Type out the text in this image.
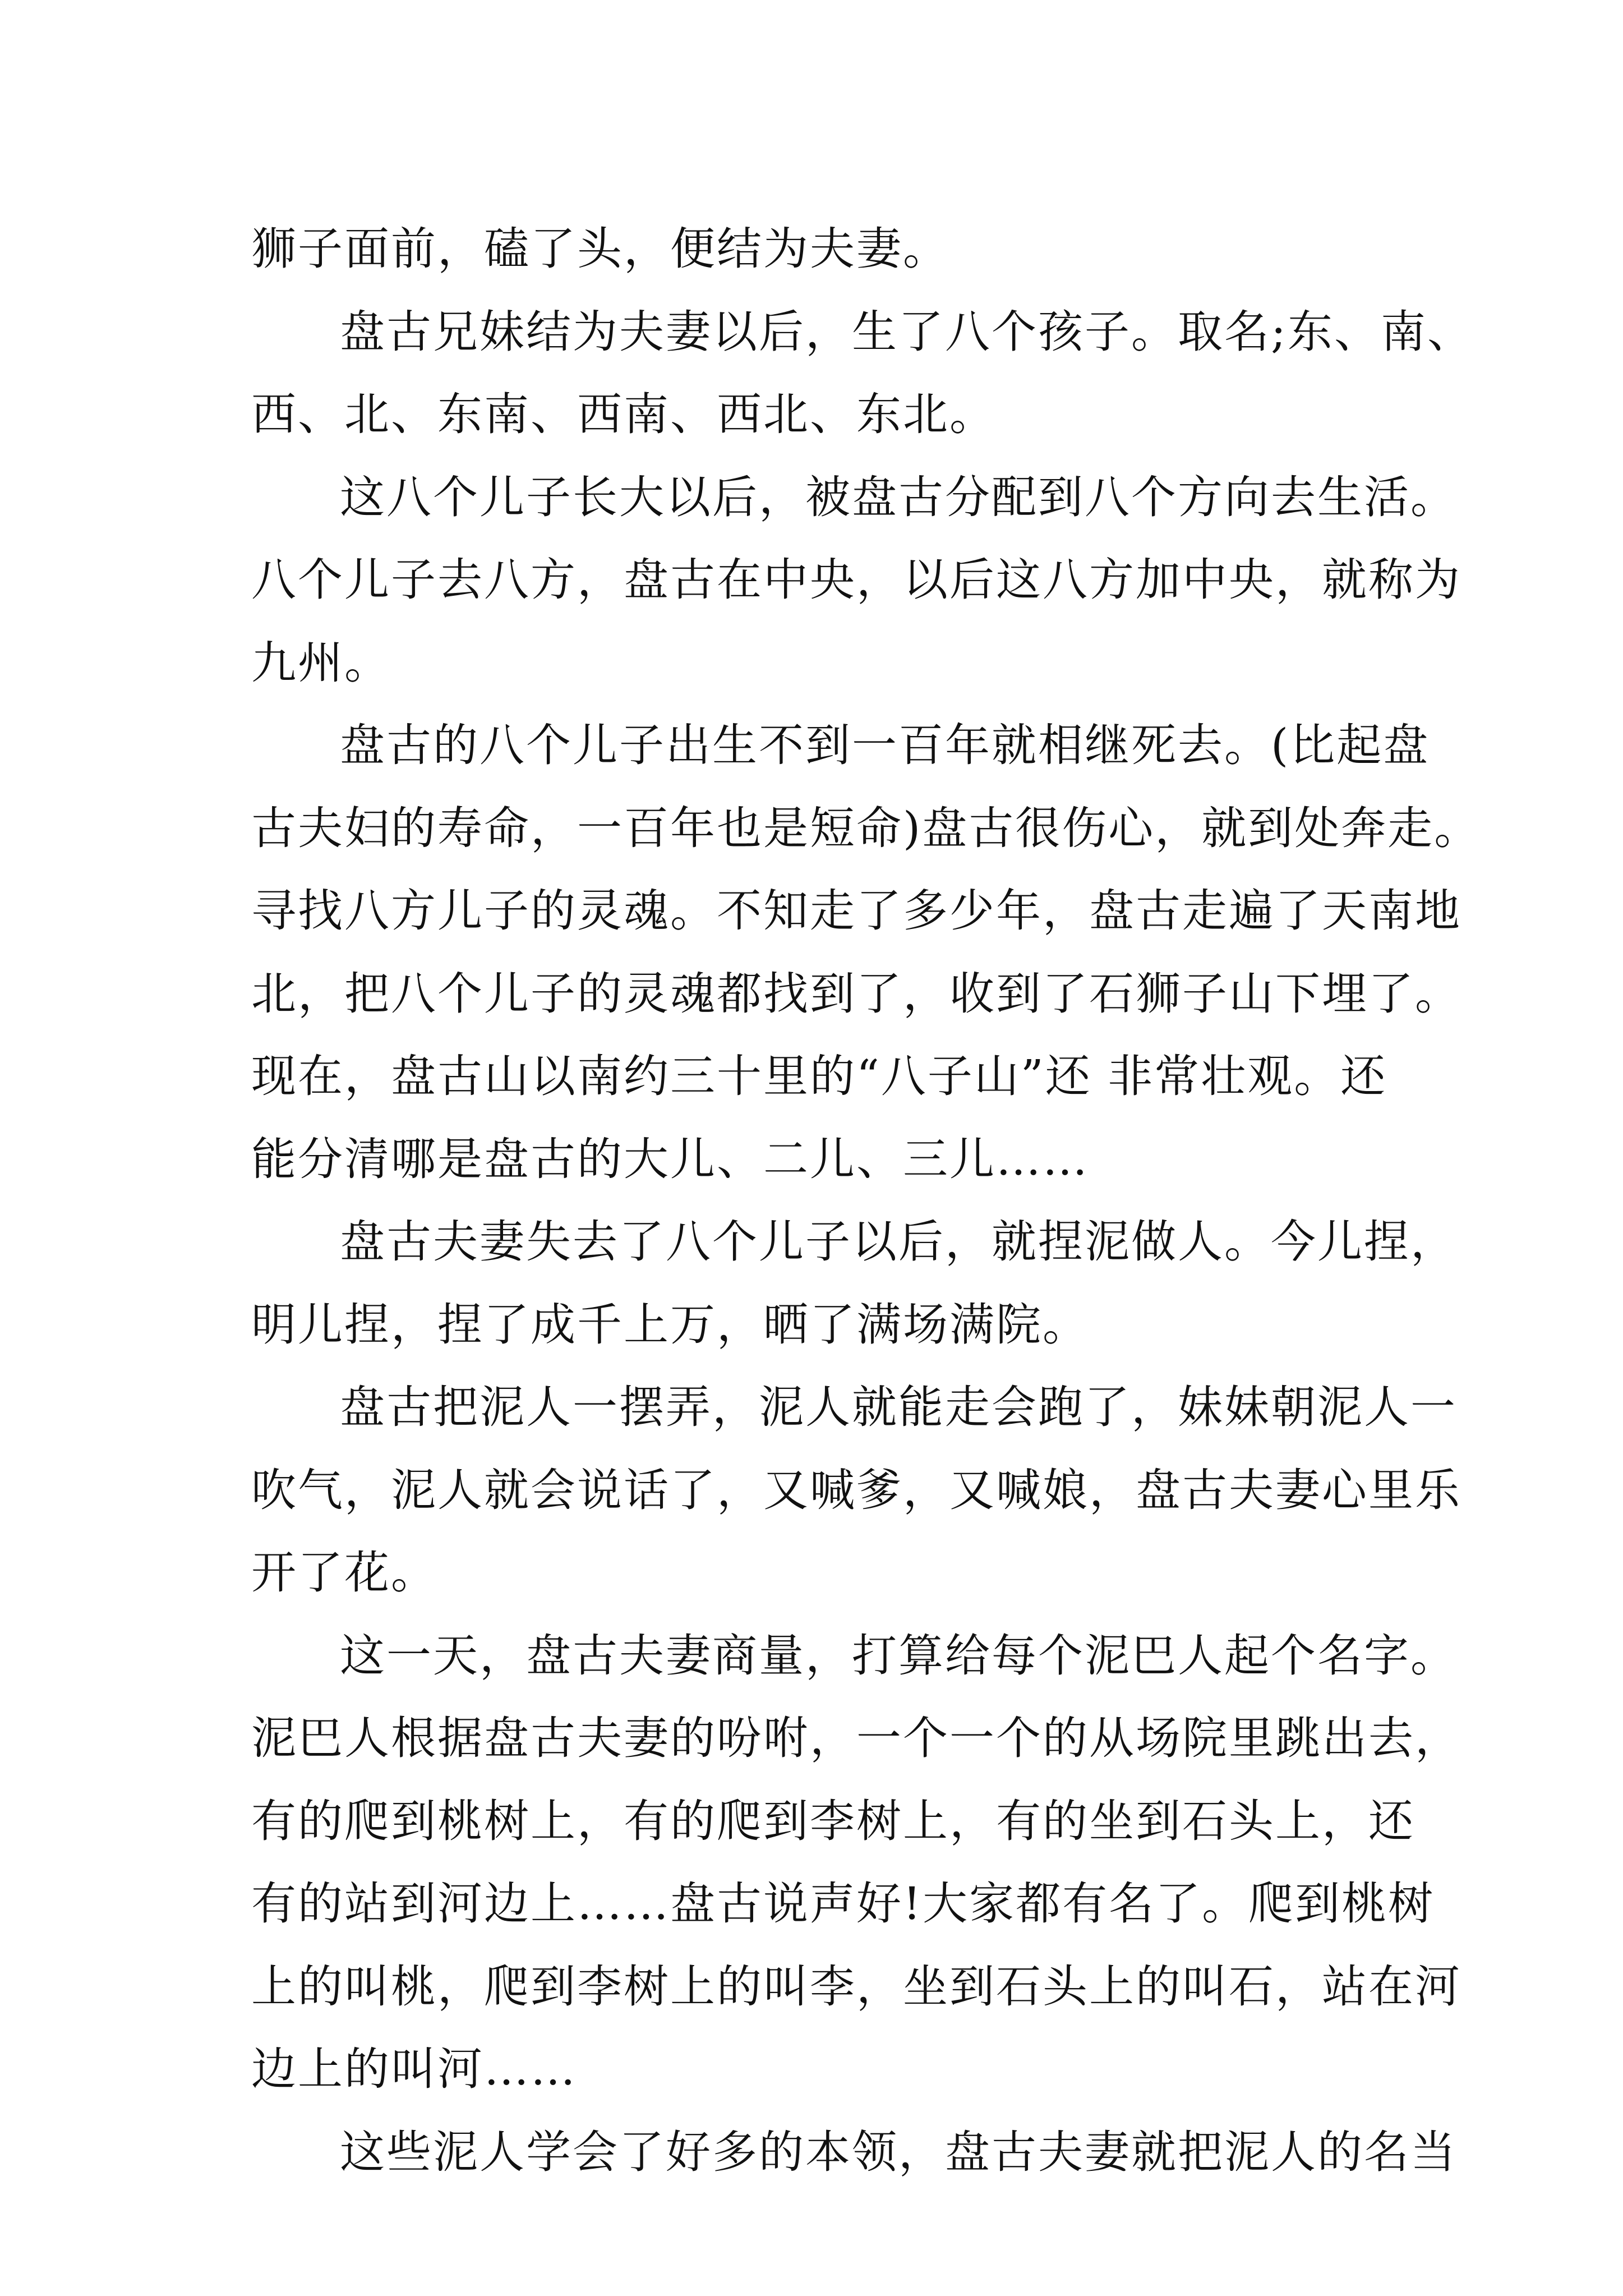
狮子面前，磕了头，便结为夫妻。
盘古兄妹结为夫妻以后，生了八个孩子。取名;东、南、
西、北、东南、西南、西北、东北。
这八个儿子长大以后，被盘古分配到八个方向去生活。
八个儿子去八方，盘古在中央，以后这八方加中央，就称为
九州。
盘古的八个儿子出生不到一百年就相继死去。(比起盘
古夫妇的寿命，一百年也是短命)盘古很伤心，就到处奔走。
寻找八方儿子的灵魂。不知走了多少年，盘古走遍了天南地
北，把八个儿子的灵魂都找到了，收到了石狮子山下埋了。
现在，盘古山以南约三十里的“八子山”还 非常壮观。还
能分清哪是盘古的大儿、二儿、三儿……
盘古夫妻失去了八个儿子以后，就捏泥做人。今儿捏，
明儿捏，捏了成千上万，晒了满场满院。
盘古把泥人一摆弄，泥人就能走会跑了，妹妹朝泥人一
吹气，泥人就会说话了，又喊爹，又喊娘，盘古夫妻心里乐
开了花。
这一天，盘古夫妻商量，打算给每个泥巴人起个名字。
泥巴人根据盘古夫妻的吩咐，一个一个的从场院里跳出去，
有的爬到桃树上，有的爬到李树上，有的坐到石头上，还
有的站到河边上……盘古说声好!大家都有名了。爬到桃树
上的叫桃，爬到李树上的叫李，坐到石头上的叫石，站在河
边上的叫河……
这些泥人学会了好多的本领，盘古夫妻就把泥人的名当
